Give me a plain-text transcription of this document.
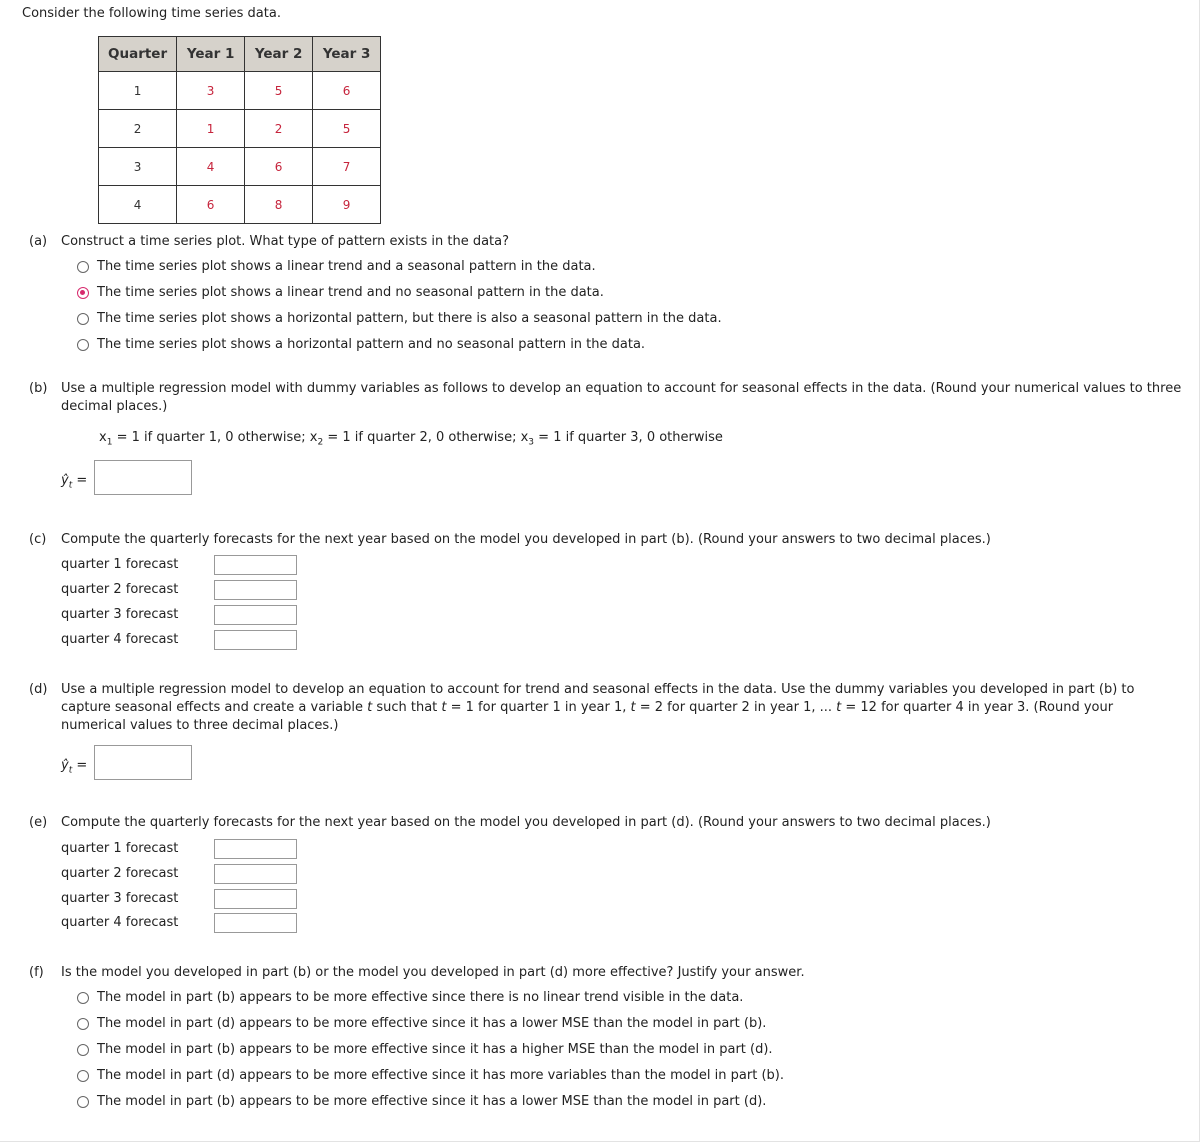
Consider the following time series data.
Quarter	Year 1	Year 2	Year 3
1	3	5	6
2	1	2	5
3	4	6	7
4	6	8	9
(a) Construct a time series plot. What type of pattern exists in the data?
The time series plot shows a linear trend and a seasonal pattern in the data.
The time series plot shows a linear trend and no seasonal pattern in the data.
The time series plot shows a horizontal pattern, but there is also a seasonal pattern in the data.
The time series plot shows a horizontal pattern and no seasonal pattern in the data.
(b) Use a multiple regression model with dummy variables as follows to develop an equation to account for seasonal effects in the data. (Round your numerical values to three
decimal places.)
$x_1 = 1$ if quarter 1, 0 otherwise; $x_2 = 1$ if quarter 2, 0 otherwise; $x_3 = 1$ if quarter 3, 0 otherwise
$ŷ_t$ =
(c) Compute the quarterly forecasts for the next year based on the model you developed in part (b). (Round your answers to two decimal places.)
quarter 1 forecast
quarter 2 forecast
quarter 3 forecast
quarter 4 forecast
(d) Use a multiple regression model to develop an equation to account for trend and seasonal effects in the data. Use the dummy variables you developed in part (b) to
capture seasonal effects and create a variable t such that t = 1 for quarter 1 in year 1, t = 2 for quarter 2 in year 1, ... t = 12 for quarter 4 in year 3. (Round your
numerical values to three decimal places.)
$ŷ_t$ =
(e) Compute the quarterly forecasts for the next year based on the model you developed in part (d). (Round your answers to two decimal places.)
quarter 1 forecast
quarter 2 forecast
quarter 3 forecast
quarter 4 forecast
(f) Is the model you developed in part (b) or the model you developed in part (d) more effective? Justify your answer.
The model in part (b) appears to be more effective since there is no linear trend visible in the data.
The model in part (d) appears to be more effective since it has a lower MSE than the model in part (b).
The model in part (b) appears to be more effective since it has a higher MSE than the model in part (d).
The model in part (d) appears to be more effective since it has more variables than the model in part (b).
The model in part (b) appears to be more effective since it has a lower MSE than the model in part (d).
